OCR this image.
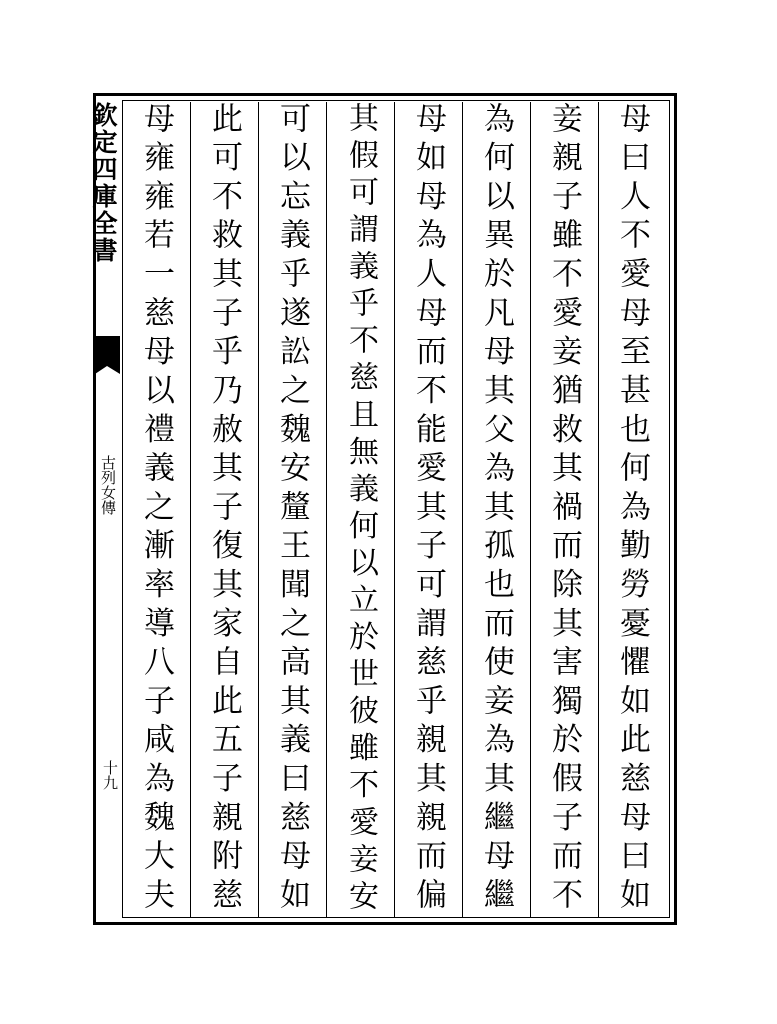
欽定四庫全書
古列女傳
十九	母曰人不愛母至甚也何為勤勞憂懼如此慈母曰如
妾親子雖不愛妾猶救其禍而除其害獨於假子而不
為何以異於凡母其父為其孤也而使妾為其繼母繼
母如母為人母而不能愛其子可謂慈乎親其親而偏
其假可謂義乎不慈且無義何以立於世彼雖不愛妾安
可以忘義乎遂訟之魏安釐王聞之高其義曰慈母如
此可不救其子乎乃赦其子復其家自此五子親附慈
母雍雍若一慈母以禮義之漸率導八子咸為魏大夫
